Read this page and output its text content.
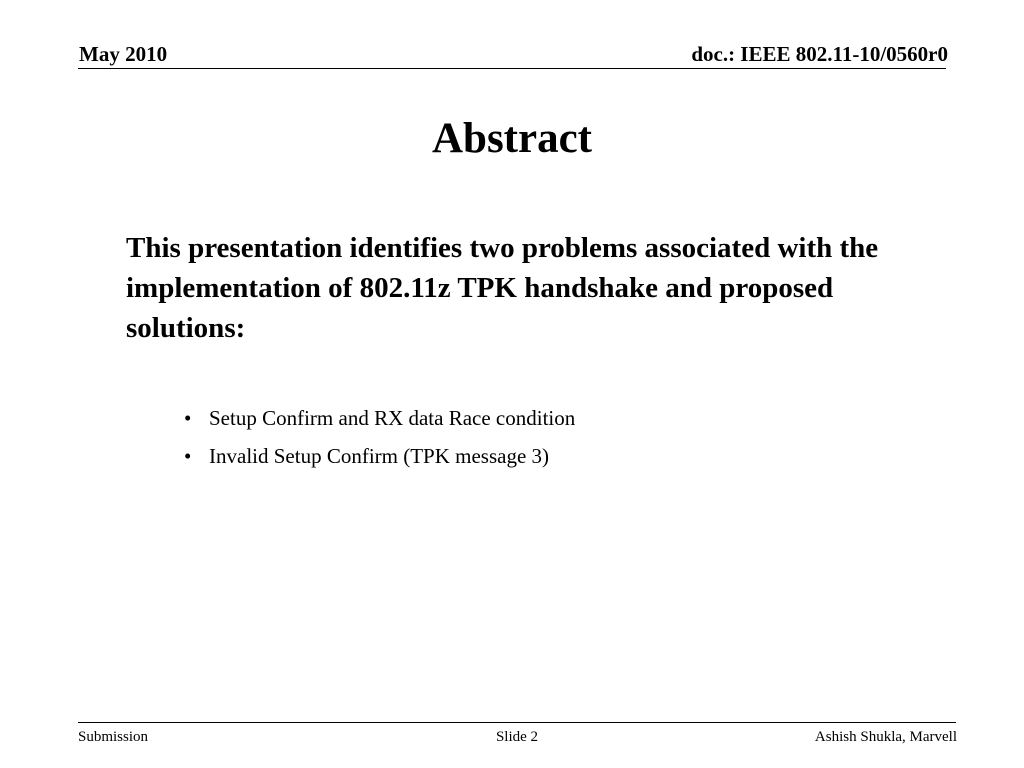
May 2010	doc.: IEEE 802.11-10/0560r0
Abstract
This presentation identifies two problems associated with the implementation of 802.11z TPK handshake and proposed solutions:
• Setup Confirm and RX data Race condition
• Invalid Setup Confirm (TPK message 3)
Submission	Slide 2	Ashish Shukla, Marvell
